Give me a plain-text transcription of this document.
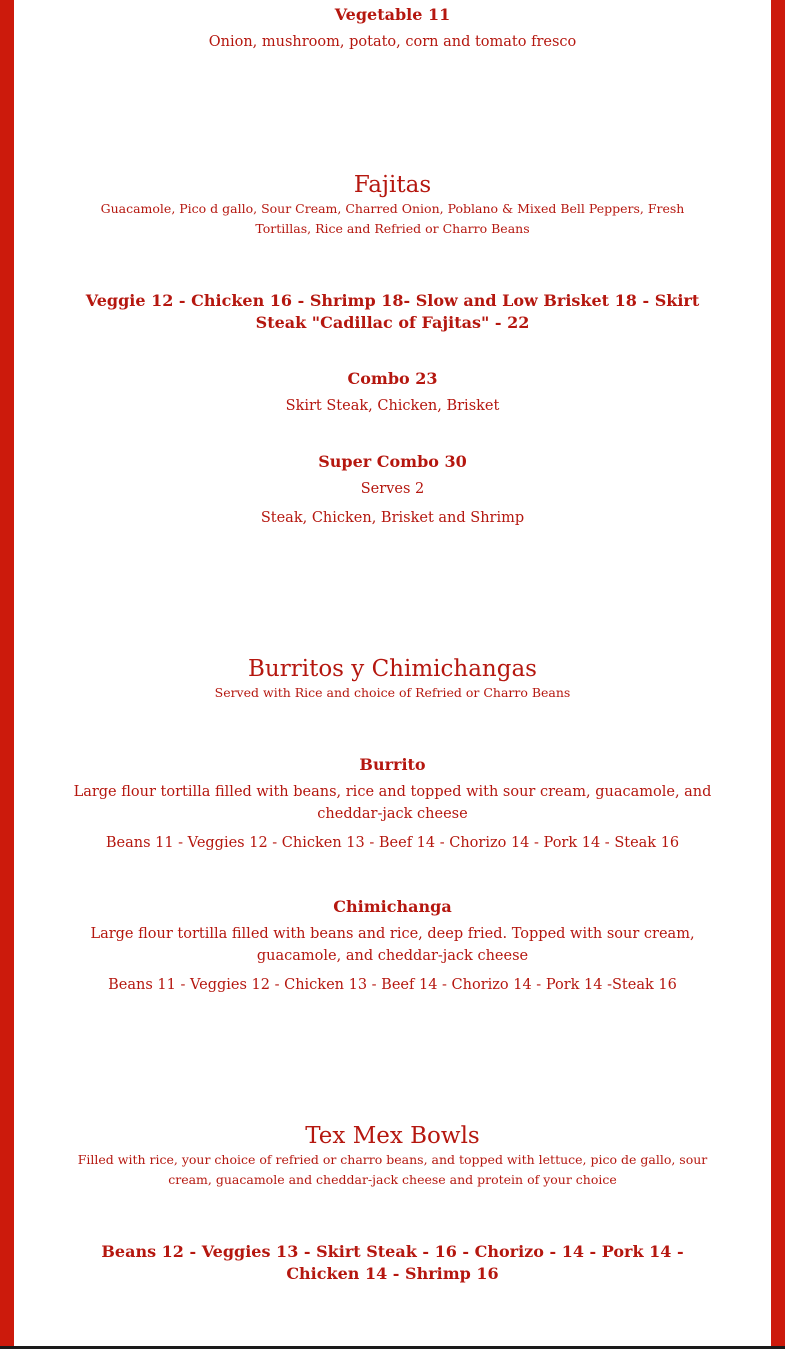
Vegetable 11
Onion, mushroom, potato, corn and tomato fresco
Fajitas
Guacamole, Pico d gallo, Sour Cream, Charred Onion, Poblano & Mixed Bell Peppers, Fresh Tortillas, Rice and Refried or Charro Beans
Veggie 12 - Chicken 16 - Shrimp 18- Slow and Low Brisket 18 - Skirt Steak "Cadillac of Fajitas" - 22
Combo 23
Skirt Steak, Chicken, Brisket
Super Combo 30
Serves 2
Steak, Chicken, Brisket and Shrimp
Burritos y Chimichangas
Served with Rice and choice of Refried or Charro Beans
Burrito
Large flour tortilla filled with beans, rice and topped with sour cream, guacamole, and cheddar-jack cheese
Beans 11 - Veggies 12 - Chicken 13 - Beef 14 - Chorizo 14 - Pork 14 - Steak 16
Chimichanga
Large flour tortilla filled with beans and rice, deep fried. Topped with sour cream, guacamole, and cheddar-jack cheese
Beans 11 - Veggies 12 - Chicken 13 - Beef 14 - Chorizo 14 - Pork 14 -Steak 16
Tex Mex Bowls
Filled with rice, your choice of refried or charro beans, and topped with lettuce, pico de gallo, sour cream, guacamole and cheddar-jack cheese and protein of your choice
Beans 12 - Veggies 13 - Skirt Steak - 16 - Chorizo - 14 - Pork 14 - Chicken 14 - Shrimp 16
